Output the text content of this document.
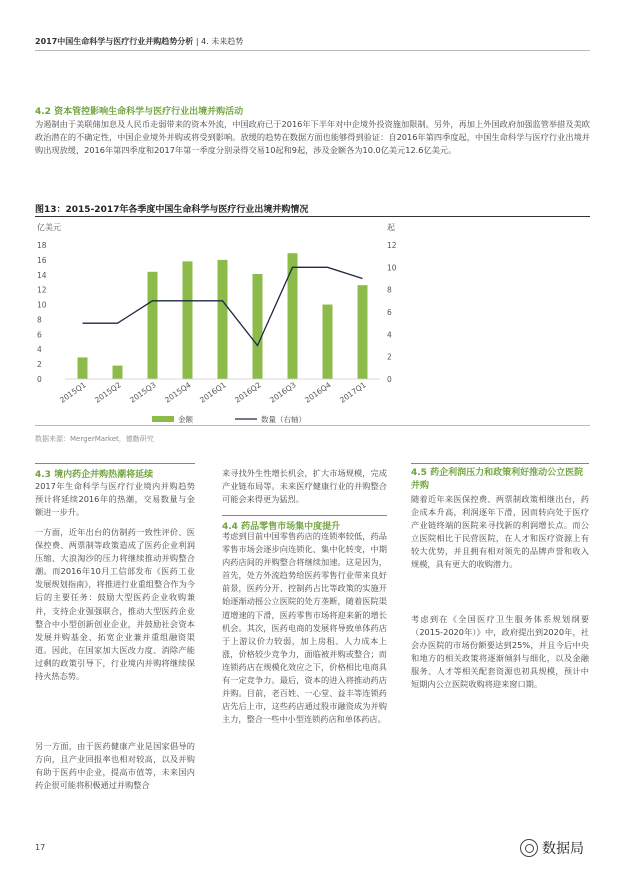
2017中国生命科学与医疗行业并购趋势分析 | 4. 未来趋势
4.2 资本管控影响生命科学与医疗行业出境并购活动
为遏制由于美联储加息及人民币走弱带来的资本外流，中国政府已于2016年下半年对中企境外投资施加限制。另外，再加上外国政府加强监管举措及美欧政治潜在的不确定性，中国企业境外并购或将受到影响。放缓的趋势在数据方面也能够得到验证：自2016年第四季度起，中国生命科学与医疗行业出境并购出现放缓，2016年第四季度和2017年第一季度分别录得交易10起和9起，涉及金额各为10.0亿美元12.6亿美元。
图13：2015-2017年各季度中国生命科学与医疗行业出境并购情况
亿美元	起
0
2
4
6
8
10
12
14
16
18
0
2
4
6
8
10
12
2015Q1 2015Q2 2015Q3 2015Q4 2016Q1 2016Q2 2016Q3 2016Q4 2017Q1
金额	数量（右轴）
数据来源：MergerMarket，德勤研究
4.3 境内药企并购热潮将延续
2017年生命科学与医疗行业境内并购趋势预计将延续2016年的热潮，交易数量与金额进一步升。
一方面，近年出台的仿制药一致性评价、医保控费、两票制等政策造成了医药企业利润压缩、大浪淘沙的压力将继续推动并购整合潮。而2016年10月工信部发布《医药工业发展规划指南》，将推进行业重组整合作为今后的主要任务：鼓励大型医药企业收购兼并，支持企业强强联合，推动大型医药企业整合中小型创新创业企业，并鼓励社会资本发展并购基金、拓宽企业兼并重组融资渠道。因此，在国家加大医改力度、消除产能过剩的政策引导下，行业境内并购将继续保持火热态势。
另一方面，由于医药健康产业是国家倡导的方向，且产业回报率也相对较高，以及并购有助于医药中企业，提高市值等，未来国内药企很可能将积极通过并购整合
来寻找外生性增长机会，扩大市场规模，完成产业链布局等。未来医疗健康行业的并购整合可能会来得更为猛烈。
4.4 药品零售市场集中度提升
考虑到目前中国零售药店的连锁率较低，药品零售市场会逐步向连锁化、集中化转变，中期内药店间的并购整合将继续加速。这是因为，首先，处方外流趋势给医药零售行业带来良好前景，医药分开、控制药占比等政策的实施开始逐渐动摇公立医院的处方垄断，随着医院渠道增速的下滑，医药零售市场将迎来新的增长机会。其次，医药电商的发展将导致单体药店于上游议价力较弱，加上房租、人力成本上涨，价格较少竞争力，面临被并购或整合；而连锁药店在规模化效应之下，价格相比电商具有一定竞争力。最后，资本的进入将推动药店并购。目前，老百姓、一心堂、益丰等连锁药店先后上市，这些药店通过股市融资成为并购主力，整合一些中小型连锁药店和单体药店。
4.5 药企利润压力和政策利好推动公立医院并购
随着近年来医保控费、两票制政策相继出台，药企成本升高，利润逐年下滑，因而转向处于医疗产业链终端的医院来寻找新的利润增长点。而公立医院相比于民营医院，在人才和医疗资源上有较大优势，并且拥有相对领先的品牌声誉和收入规模，具有更大的收购潜力。
考虑到在《全国医疗卫生服务体系规划纲要（2015-2020年）》中，政府提出到2020年，社会办医院的市场份额要达到25%，并且今后中央和地方的相关政策将逐渐倾斜与细化，以及金融服务、人才等相关配套资源也初具规模，预计中短期内公立医院收购将迎来窗口期。
17	数据局
